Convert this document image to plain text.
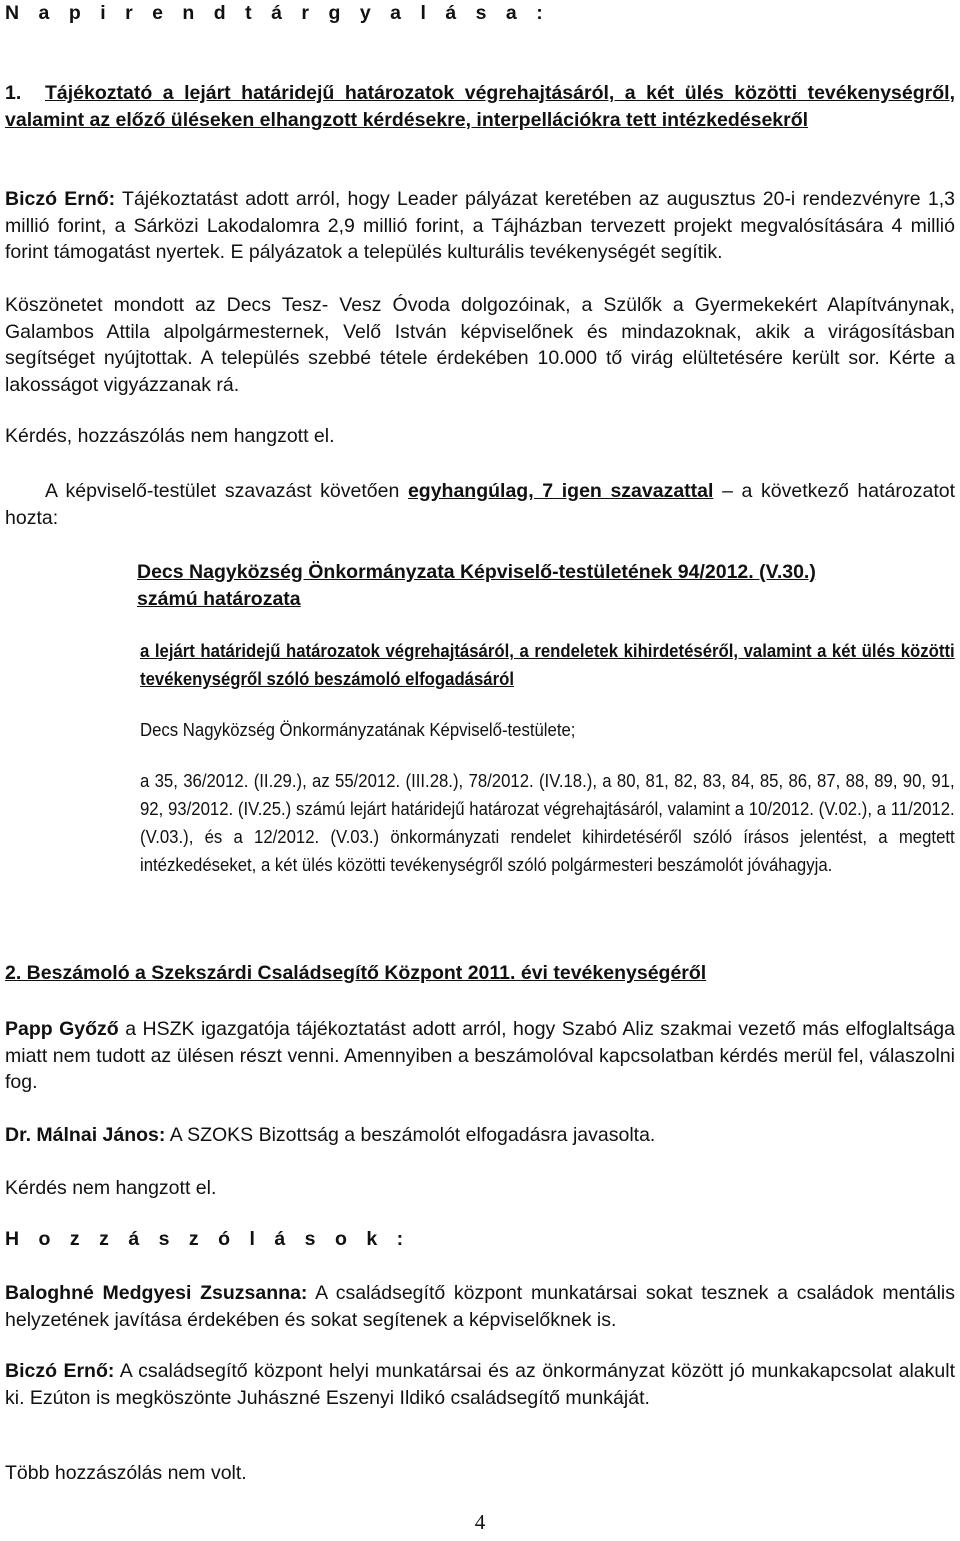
N a p i r e n d t á r g y a l á s a :
1. Tájékoztató a lejárt határidejű határozatok végrehajtásáról, a két ülés közötti tevékenységről, valamint az előző üléseken elhangzott kérdésekre, interpellációkra tett intézkedésekről
Biczó Ernő: Tájékoztatást adott arról, hogy Leader pályázat keretében az augusztus 20-i rendezvényre 1,3 millió forint, a Sárközi Lakodalomra 2,9 millió forint, a Tájházban tervezett projekt megvalósítására 4 millió forint támogatást nyertek. E pályázatok a település kulturális tevékenységét segítik.
Köszönetet mondott az Decs Tesz- Vesz Óvoda dolgozóinak, a Szülők a Gyermekekért Alapítványnak, Galambos Attila alpolgármesternek, Velő István képviselőnek és mindazoknak, akik a virágosításban segítséget nyújtottak. A település szebbé tétele érdekében 10.000 tő virág elültetésére került sor. Kérte a lakosságot vigyázzanak rá.
Kérdés, hozzászólás nem hangzott el.
A képviselő-testület szavazást követően egyhangúlag, 7 igen szavazattal – a következő határozatot hozta:
Decs Nagyközség Önkormányzata Képviselő-testületének 94/2012. (V.30.)
számú határozata
a lejárt határidejű határozatok végrehajtásáról, a rendeletek kihirdetéséről, valamint a két ülés közötti tevékenységről szóló beszámoló elfogadásáról
Decs Nagyközség Önkormányzatának Képviselő-testülete;
a 35, 36/2012. (II.29.), az 55/2012. (III.28.), 78/2012. (IV.18.), a 80, 81, 82, 83, 84, 85, 86, 87, 88, 89, 90, 91, 92, 93/2012. (IV.25.) számú lejárt határidejű határozat végrehajtásáról, valamint a 10/2012. (V.02.), a 11/2012. (V.03.), és a 12/2012. (V.03.) önkormányzati rendelet kihirdetéséről szóló írásos jelentést, a megtett intézkedéseket, a két ülés közötti tevékenységről szóló polgármesteri beszámolót jóváhagyja.
2. Beszámoló a Szekszárdi Családsegítő Központ 2011. évi tevékenységéről
Papp Győző a HSZK igazgatója tájékoztatást adott arról, hogy Szabó Aliz szakmai vezető más elfoglaltsága miatt nem tudott az ülésen részt venni. Amennyiben a beszámolóval kapcsolatban kérdés merül fel, válaszolni fog.
Dr. Málnai János: A SZOKS Bizottság a beszámolót elfogadásra javasolta.
Kérdés nem hangzott el.
H o z z á s z ó l á s o k :
Baloghné Medgyesi Zsuzsanna: A családsegítő központ munkatársai sokat tesznek a családok mentális helyzetének javítása érdekében és sokat segítenek a képviselőknek is.
Biczó Ernő: A családsegítő központ helyi munkatársai és az önkormányzat között jó munkakapcsolat alakult ki. Ezúton is megköszönte Juhászné Eszenyi Ildikó családsegítő munkáját.
Több hozzászólás nem volt.
4
